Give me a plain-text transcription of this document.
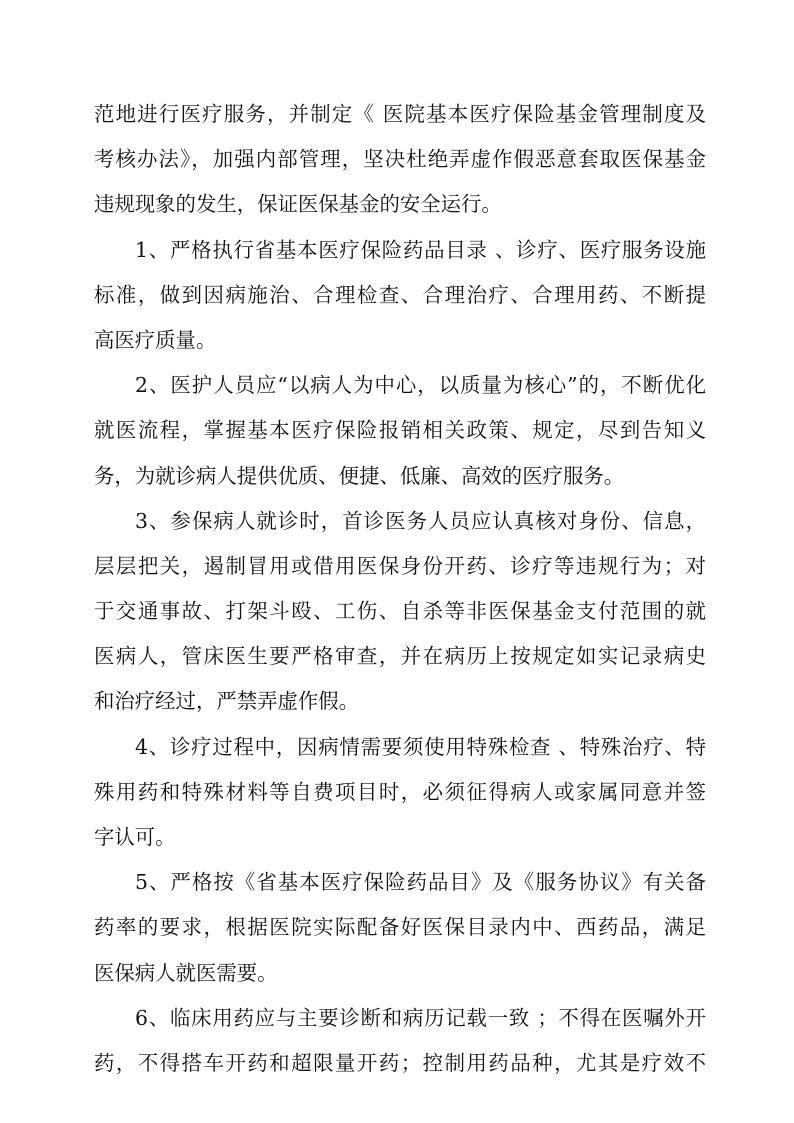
范地进行医疗服务，并制定《 医院基本医疗保险基金管理制度及
考核办法》，加强内部管理，坚决杜绝弄虚作假恶意套取医保基金
违规现象的发生，保证医保基金的安全运行。
1、严格执行省基本医疗保险药品目录 、诊疗、医疗服务设施
标准，做到因病施治、合理检查、合理治疗、合理用药、不断提
高医疗质量。
2、医护人员应“以病人为中心，以质量为核心”的，不断优化
就医流程，掌握基本医疗保险报销相关政策、规定，尽到告知义
务，为就诊病人提供优质、便捷、低廉、高效的医疗服务。
3、参保病人就诊时，首诊医务人员应认真核对身份、信息，
层层把关，遏制冒用或借用医保身份开药、诊疗等违规行为；对
于交通事故、打架斗殴、工伤、自杀等非医保基金支付范围的就
医病人，管床医生要严格审查，并在病历上按规定如实记录病史
和治疗经过，严禁弄虚作假。
4、诊疗过程中，因病情需要须使用特殊检查 、特殊治疗、特
殊用药和特殊材料等自费项目时，必须征得病人或家属同意并签
字认可。
5、严格按《省基本医疗保险药品目》及《服务协议》有关备
药率的要求，根据医院实际配备好医保目录内中、西药品，满足
医保病人就医需要。
6、临床用药应与主要诊断和病历记载一致 ；不得在医嘱外开
药，不得搭车开药和超限量开药；控制用药品种，尤其是疗效不
